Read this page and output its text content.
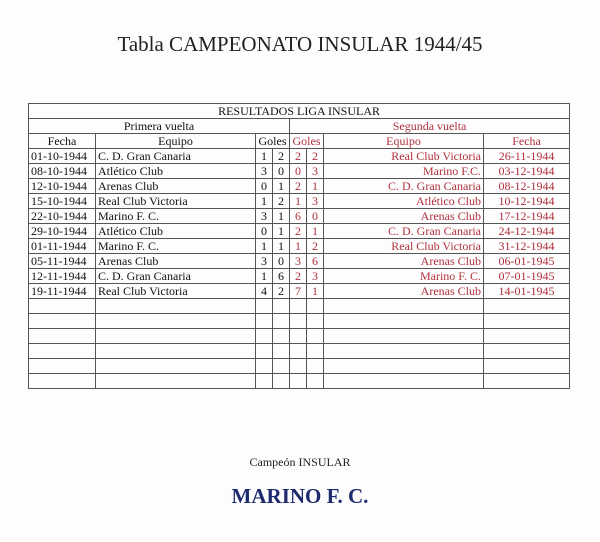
Tabla CAMPEONATO INSULAR 1944/45
RESULTADOS LIGA INSULAR							
Primera vuelta				Segunda vuelta			
Fecha	Equipo	Goles		Goles		Equipo	Fecha
01-10-1944	C. D. Gran Canaria	1	2	2	2	Real Club Victoria	26-11-1944
08-10-1944	Atlético Club	3	0	0	3	Marino F.C.	03-12-1944
12-10-1944	Arenas Club	0	1	2	1	C. D. Gran Canaria	08-12-1944
15-10-1944	Real Club Victoria	1	2	1	3	Atlético Club	10-12-1944
22-10-1944	Marino F. C.	3	1	6	0	Arenas Club	17-12-1944
29-10-1944	Atlético Club	0	1	2	1	C. D. Gran Canaria	24-12-1944
01-11-1944	Marino F. C.	1	1	1	2	Real Club Victoria	31-12-1944
05-11-1944	Arenas Club	3	0	3	6	Arenas Club	06-01-1945
12-11-1944	C. D. Gran Canaria	1	6	2	3	Marino F. C.	07-01-1945
19-11-1944	Real Club Victoria	4	2	7	1	Arenas Club	14-01-1945

Campeón INSULAR
MARINO F. C.
